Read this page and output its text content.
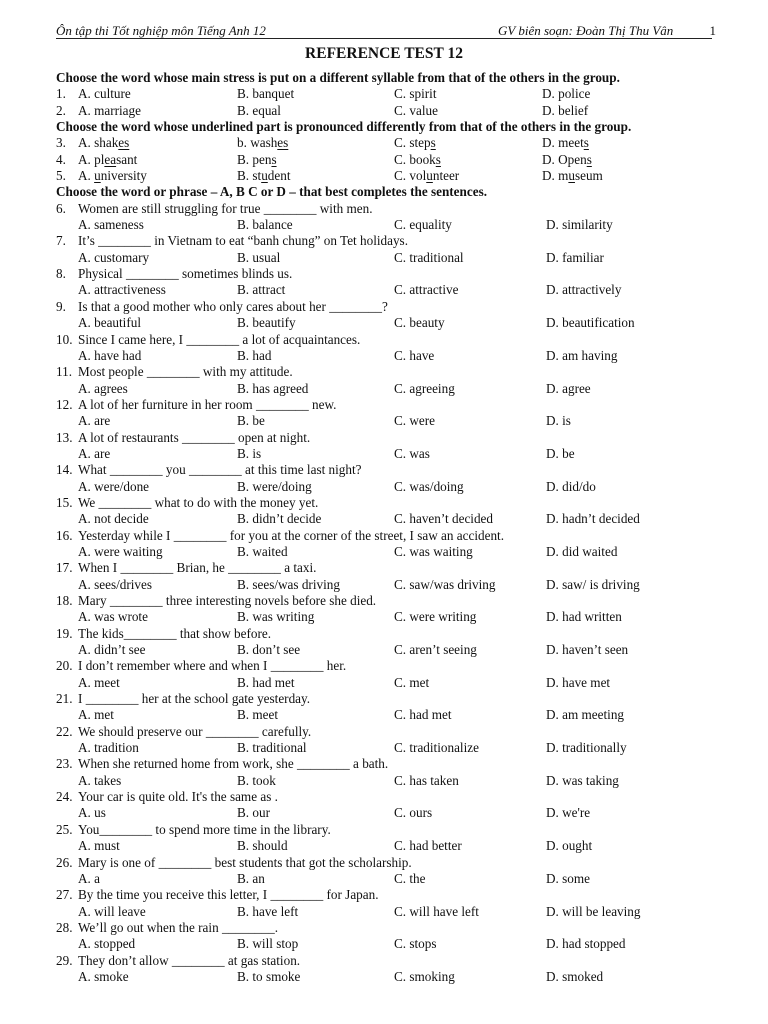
Ôn tập thi Tốt nghiệp môn Tiếng Anh 12	GV biên soạn: Đoàn Thị Thu Vân	1
REFERENCE TEST 12
Choose the word whose main stress is put on a different syllable from that of the others in the group.
1. A. culture	B. banquet	C. spirit	D. police
2. A. marriage	B. equal	C. value	D. belief
Choose the word whose underlined part is pronounced differently from that of the others in the group.
3. A. shakes	b. washes	C. steps	D. meets
4. A. pleasant	B. pens	C. books	D. Opens
5. A. university	B. student	C. volunteer	D. museum
Choose the word or phrase – A, B C or D – that best completes the sentences.
6. Women are still struggling for true ________ with men.
A. sameness	B. balance	C. equality	D. similarity
7. It’s ________ in Vietnam to eat “banh chung” on Tet holidays.
A. customary	B. usual	C. traditional	D. familiar
8. Physical ________ sometimes blinds us.
A. attractiveness	B. attract	C. attractive	D. attractively
9. Is that a good mother who only cares about her ________?
A. beautiful	B. beautify	C. beauty	D. beautification
10. Since I came here, I ________ a lot of acquaintances.
A. have had	B. had	C. have	D. am having
11. Most people ________ with my attitude.
A. agrees	B. has agreed	C. agreeing	D. agree
12. A lot of her furniture in her room ________ new.
A. are	B. be	C. were	D. is
13. A lot of restaurants ________ open at night.
A. are	B. is	C. was	D. be
14. What ________ you ________ at this time last night?
A. were/done	B. were/doing	C. was/doing	D. did/do
15. We ________ what to do with the money yet.
A. not decide	B. didn’t decide	C. haven’t decided	D. hadn’t decided
16. Yesterday while I ________ for you at the corner of the street, I saw an accident.
A. were waiting	B. waited	C. was waiting	D. did waited
17. When I ________ Brian, he ________ a taxi.
A. sees/drives	B. sees/was driving	C. saw/was driving	D. saw/ is driving
18. Mary ________ three interesting novels before she died.
A. was wrote	B. was writing	C. were writing	D. had written
19. The kids________ that show before.
A. didn’t see	B. don’t see	C. aren’t seeing	D. haven’t seen
20. I don’t remember where and when I ________ her.
A. meet	B. had met	C. met	D. have met
21. I ________ her at the school gate yesterday.
A. met	B. meet	C. had met	D. am meeting
22. We should preserve our ________ carefully.
A. tradition	B. traditional	C. traditionalize	D. traditionally
23. When she returned home from work, she ________ a bath.
A. takes	B. took	C. has taken	D. was taking
24. Your car is quite old. It's the same as .
A. us	B. our	C. ours	D. we're
25. You________ to spend more time in the library.
A. must	B. should	C. had better	D. ought
26. Mary is one of ________ best students that got the scholarship.
A. a	B. an	C. the	D. some
27. By the time you receive this letter, I ________ for Japan.
A. will leave	B. have left	C. will have left	D. will be leaving
28. We’ll go out when the rain ________.
A. stopped	B. will stop	C. stops	D. had stopped
29. They don’t allow ________ at gas station.
A. smoke	B. to smoke	C. smoking	D. smoked
